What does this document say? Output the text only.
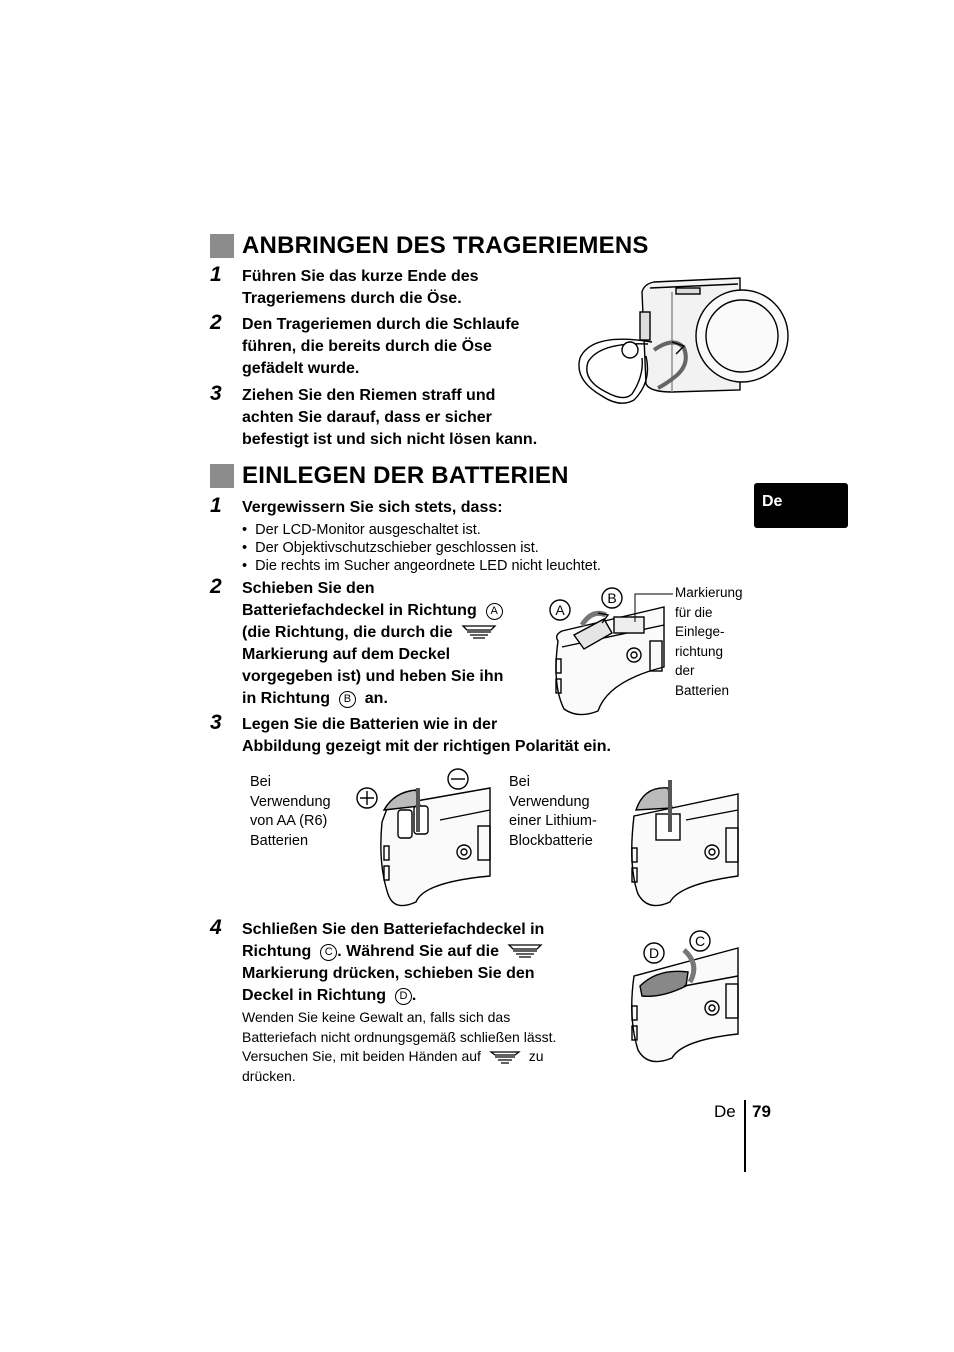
ANBRINGEN DES TRAGERIEMENS
1 Führen Sie das kurze Ende des
Trageriemens durch die Öse.
2 Den Trageriemen durch die Schlaufe
führen, die bereits durch die Öse
gefädelt wurde.
3 Ziehen Sie den Riemen straff und
achten Sie darauf, dass er sicher
befestigt ist und sich nicht lösen kann.
EINLEGEN DER BATTERIEN
De
1 Vergewissern Sie sich stets, dass:
•  Der LCD-Monitor ausgeschaltet ist.
•  Der Objektivschutzschieber geschlossen ist.
•  Die rechts im Sucher angeordnete LED nicht leuchtet.
2 Schieben Sie den
Batteriefachdeckel in Richtung A
(die Richtung, die durch die
Markierung auf dem Deckel
vorgegeben ist) und heben Sie ihn
in Richtung B an.
A
B	Markierung
für die
Einlege-
richtung
der
Batterien
3 Legen Sie die Batterien wie in der
Abbildung gezeigt mit der richtigen Polarität ein.
Bei
Verwendung
von AA (R6)
Batterien
Bei
Verwendung
einer Lithium-
Blockbatterie
4 Schließen Sie den Batteriefachdeckel in
Richtung C . Während Sie auf die
Markierung drücken, schieben Sie den
Deckel in Richtung D .
Wenden Sie keine Gewalt an, falls sich das
Batteriefach nicht ordnungsgemäß schließen lässt.
Versuchen Sie, mit beiden Händen auf	zu
drücken.
D
C
De 79
